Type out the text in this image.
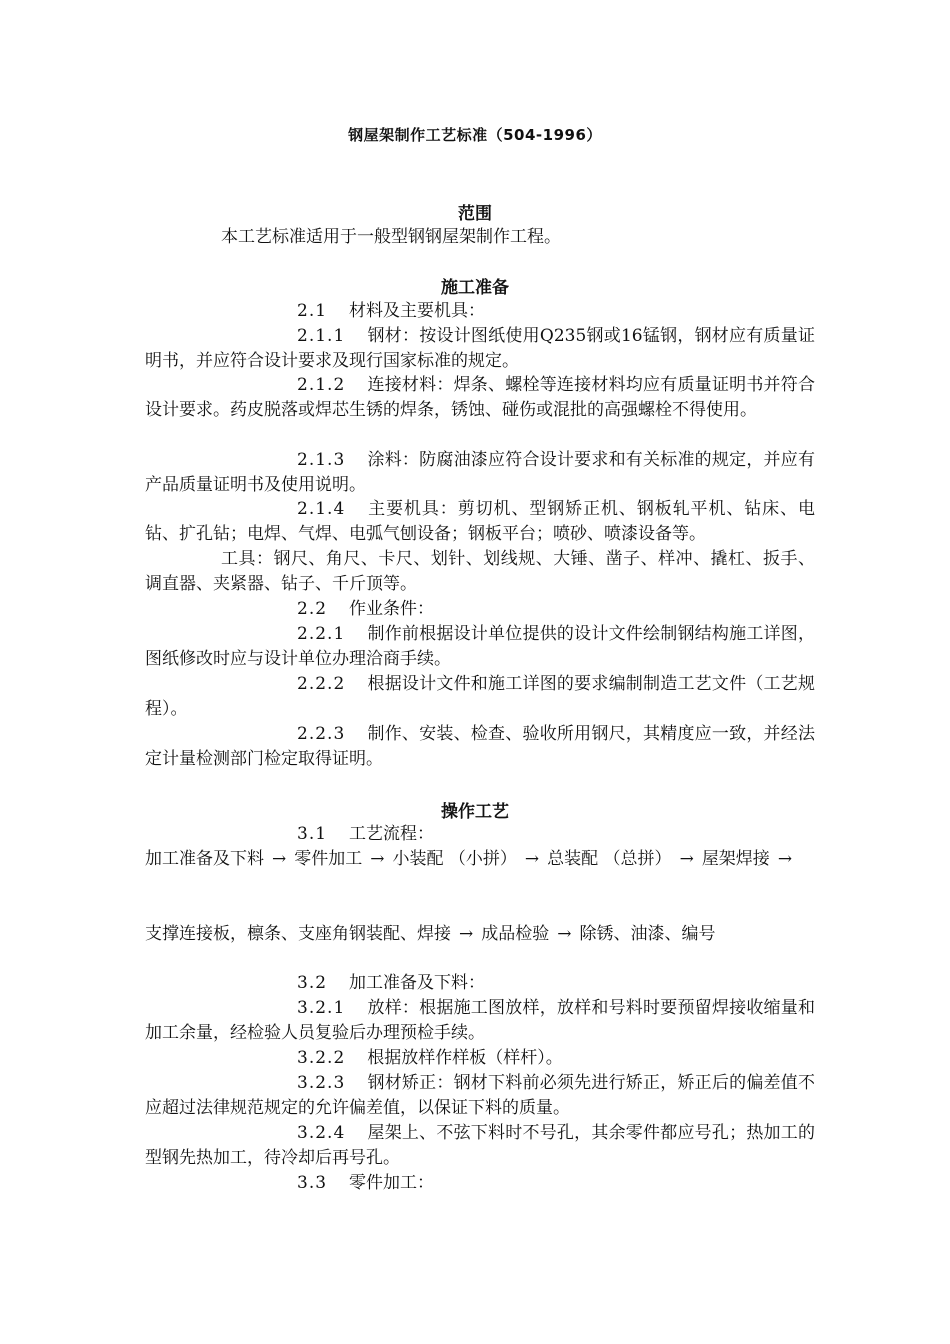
钢屋架制作工艺标准（504-1996）
范围
本工艺标准适用于一般型钢钢屋架制作工程。
施工准备
2.1 材料及主要机具：
2.1.1 钢材：按设计图纸使用Q235钢或16锰钢，钢材应有质量证明书，并应符合设计要求及现行国家标准的规定。
2.1.2 连接材料：焊条、螺栓等连接材料均应有质量证明书并符合设计要求。药皮脱落或焊芯生锈的焊条，锈蚀、碰伤或混批的高强螺栓不得使用。
2.1.3 涂料：防腐油漆应符合设计要求和有关标准的规定，并应有产品质量证明书及使用说明。
2.1.4 主要机具：剪切机、型钢矫正机、钢板轧平机、钻床、电钻、扩孔钻；电焊、气焊、电弧气刨设备；钢板平台；喷砂、喷漆设备等。
工具：钢尺、角尺、卡尺、划针、划线规、大锤、凿子、样冲、撬杠、扳手、调直器、夹紧器、钻子、千斤顶等。
2.2 作业条件：
2.2.1 制作前根据设计单位提供的设计文件绘制钢结构施工详图，图纸修改时应与设计单位办理洽商手续。
2.2.2 根据设计文件和施工详图的要求编制制造工艺文件（工艺规程）。
2.2.3 制作、安装、检查、验收所用钢尺，其精度应一致，并经法定计量检测部门检定取得证明。
操作工艺
3.1 工艺流程：
加工准备及下料 → 零件加工 → 小装配 （小拼） → 总装配 （总拼） → 屋架焊接 →
支撑连接板，檩条、支座角钢装配、焊接 → 成品检验 → 除锈、油漆、编号
3.2 加工准备及下料：
3.2.1 放样：根据施工图放样，放样和号料时要预留焊接收缩量和加工余量，经检验人员复验后办理预检手续。
3.2.2 根据放样作样板（样杆）。
3.2.3 钢材矫正：钢材下料前必须先进行矫正，矫正后的偏差值不应超过法律规范规定的允许偏差值，以保证下料的质量。
3.2.4 屋架上、不弦下料时不号孔，其余零件都应号孔；热加工的型钢先热加工，待冷却后再号孔。
3.3 零件加工：
